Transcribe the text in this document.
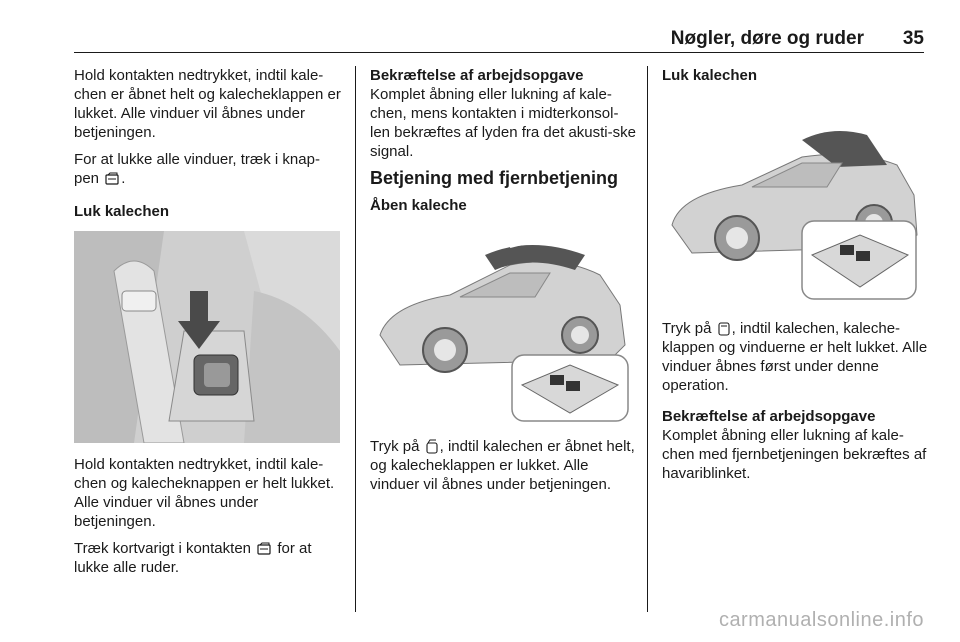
Nøgler, døre og ruder 35

Hold kontakten nedtrykket, indtil kale‐chen er åbnet helt og kalecheklappen er lukket. Alle vinduer vil åbnes under betjeningen.

For at lukke alle vinduer, træk i knap‐pen .

Luk kalechen

Hold kontakten nedtrykket, indtil kale‐chen og kalecheknappen er helt lukket. Alle vinduer vil åbnes under betjeningen.

Træk kortvarigt i kontakten for at lukke alle ruder.

Bekræftelse af arbejdsopgave

Komplet åbning eller lukning af kale‐chen, mens kontakten i midterkonsol‐len bekræftes af lyden fra det akusti‐ske signal.

Betjening med fjernbetjening

Åben kaleche

Tryk på , indtil kalechen er åbnet helt, og kalecheklappen er lukket. Alle vinduer vil åbnes under betjeningen.

Luk kalechen

Tryk på , indtil kalechen, kaleche‐klappen og vinduerne er helt lukket. Alle vinduer åbnes først under denne operation.

Bekræftelse af arbejdsopgave

Komplet åbning eller lukning af kale‐chen med fjernbetjeningen bekræftes af havariblinket.

carmanualsonline.info
